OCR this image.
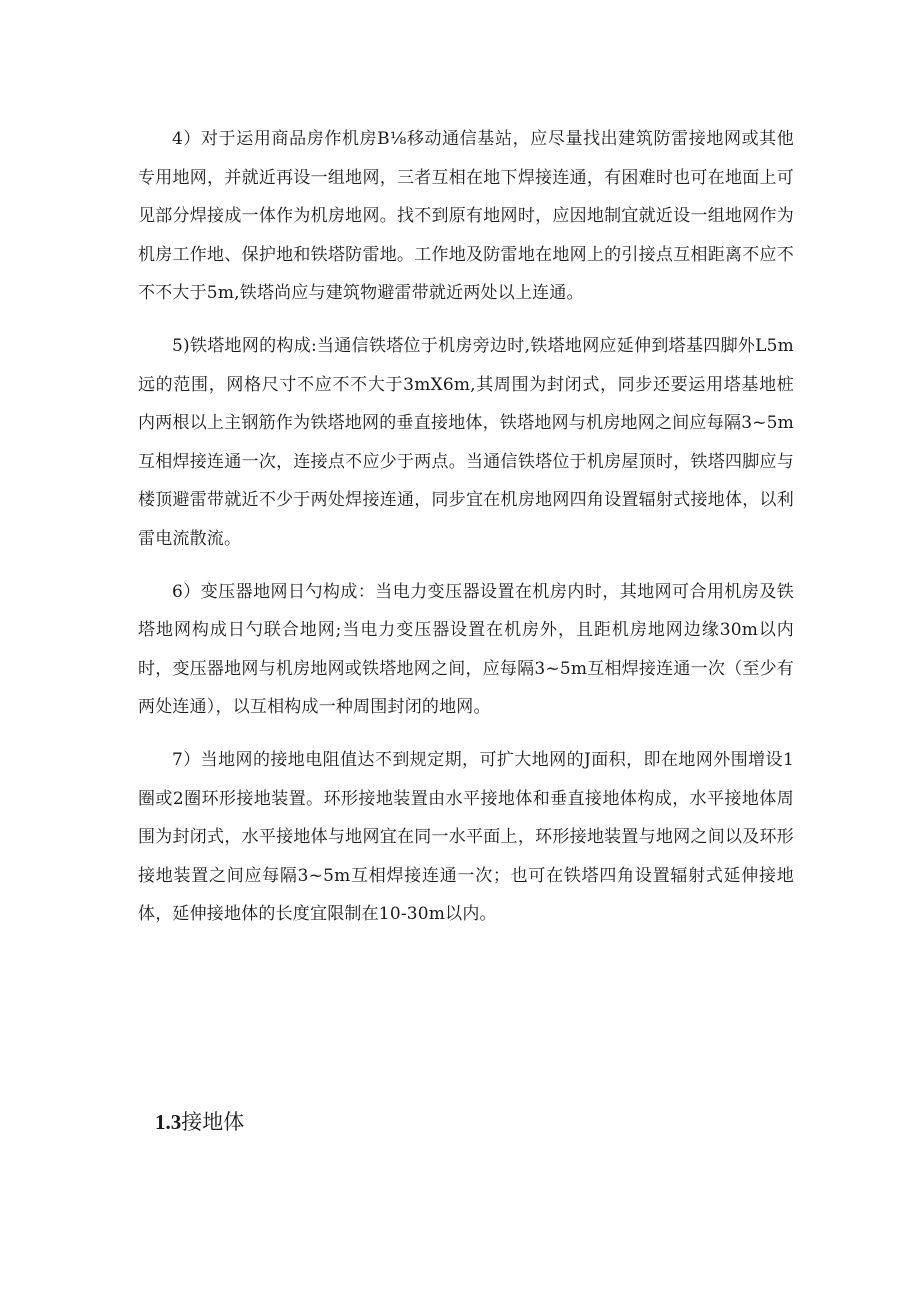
4）对于运用商品房作机房B⅛移动通信基站，应尽量找出建筑防雷接地网或其他专用地网，并就近再设一组地网，三者互相在地下焊接连通，有困难时也可在地面上可见部分焊接成一体作为机房地网。找不到原有地网时，应因地制宜就近设一组地网作为机房工作地、保护地和铁塔防雷地。工作地及防雷地在地网上的引接点互相距离不应不不不大于5m,铁塔尚应与建筑物避雷带就近两处以上连通。

5)铁塔地网的构成:当通信铁塔位于机房旁边时,铁塔地网应延伸到塔基四脚外L5m远的范围，网格尺寸不应不不大于3mX6m,其周围为封闭式，同步还要运用塔基地桩内两根以上主钢筋作为铁塔地网的垂直接地体，铁塔地网与机房地网之间应每隔3~5m互相焊接连通一次，连接点不应少于两点。当通信铁塔位于机房屋顶时，铁塔四脚应与楼顶避雷带就近不少于两处焊接连通，同步宜在机房地网四角设置辐射式接地体，以利雷电流散流。

6）变压器地网日勺构成：当电力变压器设置在机房内时，其地网可合用机房及铁塔地网构成日勺联合地网;当电力变压器设置在机房外，且距机房地网边缘30m以内时，变压器地网与机房地网或铁塔地网之间，应每隔3~5m互相焊接连通一次（至少有两处连通），以互相构成一种周围封闭的地网。

7）当地网的接地电阻值达不到规定期，可扩大地网的J面积，即在地网外围增设1圈或2圈环形接地装置。环形接地装置由水平接地体和垂直接地体构成，水平接地体周围为封闭式，水平接地体与地网宜在同一水平面上，环形接地装置与地网之间以及环形接地装置之间应每隔3~5m互相焊接连通一次；也可在铁塔四角设置辐射式延伸接地体，延伸接地体的长度宜限制在10-30m以内。

1.3接地体
